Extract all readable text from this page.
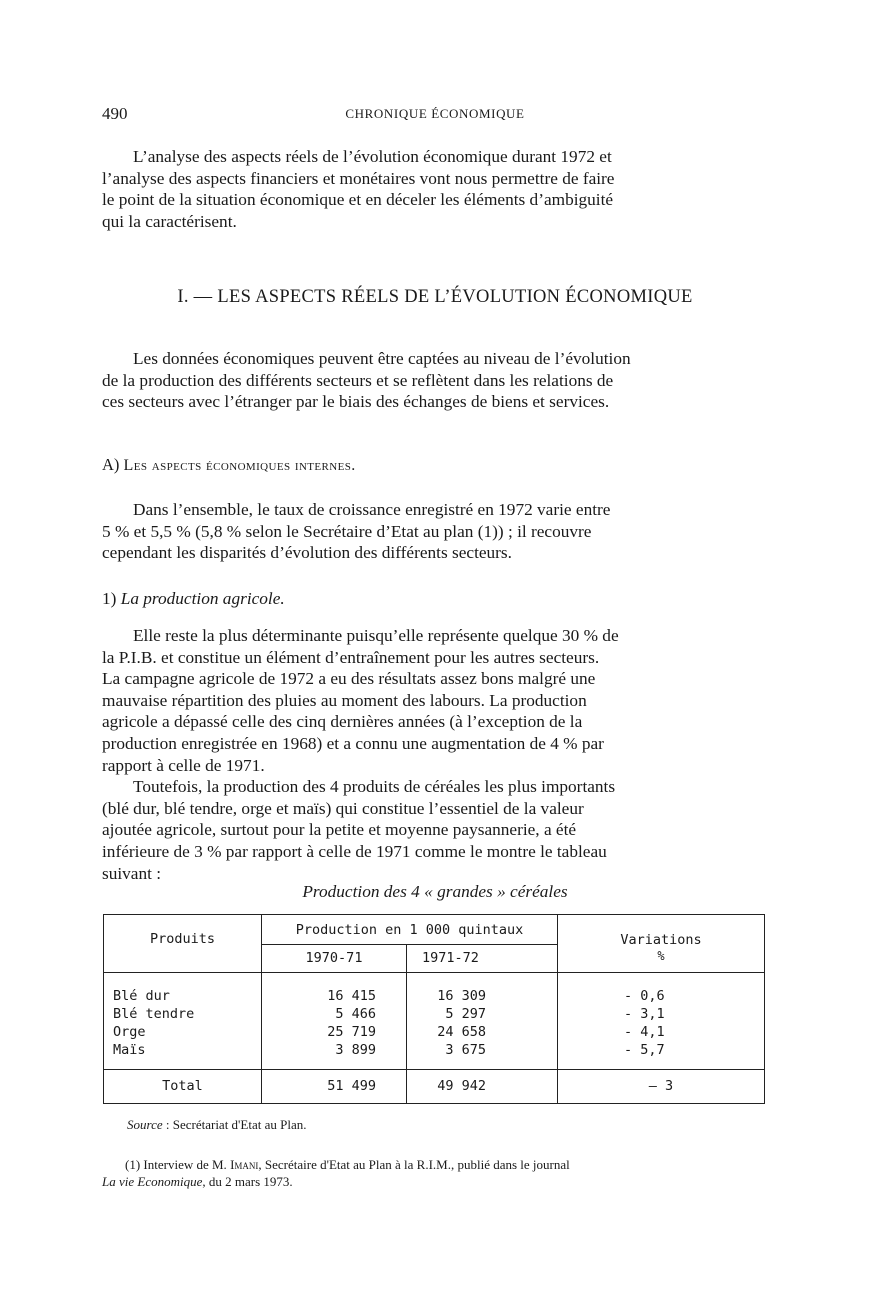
490	CHRONIQUE ÉCONOMIQUE
L’analyse des aspects réels de l’évolution économique durant 1972 et
l’analyse des aspects financiers et monétaires vont nous permettre de faire
le point de la situation économique et en déceler les éléments d’ambiguité
qui la caractérisent.
I. — LES ASPECTS RÉELS DE L’ÉVOLUTION ÉCONOMIQUE
Les données économiques peuvent être captées au niveau de l’évolution
de la production des différents secteurs et se reflètent dans les relations de
ces secteurs avec l’étranger par le biais des échanges de biens et services.
A) Les aspects économiques internes.
Dans l’ensemble, le taux de croissance enregistré en 1972 varie entre
5 % et 5,5 % (5,8 % selon le Secrétaire d’Etat au plan (1)) ; il recouvre
cependant les disparités d’évolution des différents secteurs.
1) La production agricole.
Elle reste la plus déterminante puisqu’elle représente quelque 30 % de
la P.I.B. et constitue un élément d’entraînement pour les autres secteurs.
La campagne agricole de 1972 a eu des résultats assez bons malgré une
mauvaise répartition des pluies au moment des labours. La production
agricole a dépassé celle des cinq dernières années (à l’exception de la
production enregistrée en 1968) et a connu une augmentation de 4 % par
rapport à celle de 1971.
Toutefois, la production des 4 produits de céréales les plus importants
(blé dur, blé tendre, orge et maïs) qui constitue l’essentiel de la valeur
ajoutée agricole, surtout pour la petite et moyenne paysannerie, a été
inférieure de 3 % par rapport à celle de 1971 comme le montre le tableau
suivant :
Production des 4 « grandes » céréales
Produits
Production en 1 000 quintaux
1970-71	1971-72
Variations
%
Blé dur	16 415	16 309	- 0,6
Blé tendre	5 466	5 297	- 3,1
Orge	25 719	24 658	- 4,1
Maïs	3 899	3 675	- 5,7
Total	51 499	49 942	– 3
Source : Secrétariat d'Etat au Plan.
(1) Interview de M. Imani, Secrétaire d'Etat au Plan à la R.I.M., publié dans le journal
La vie Economique, du 2 mars 1973.
